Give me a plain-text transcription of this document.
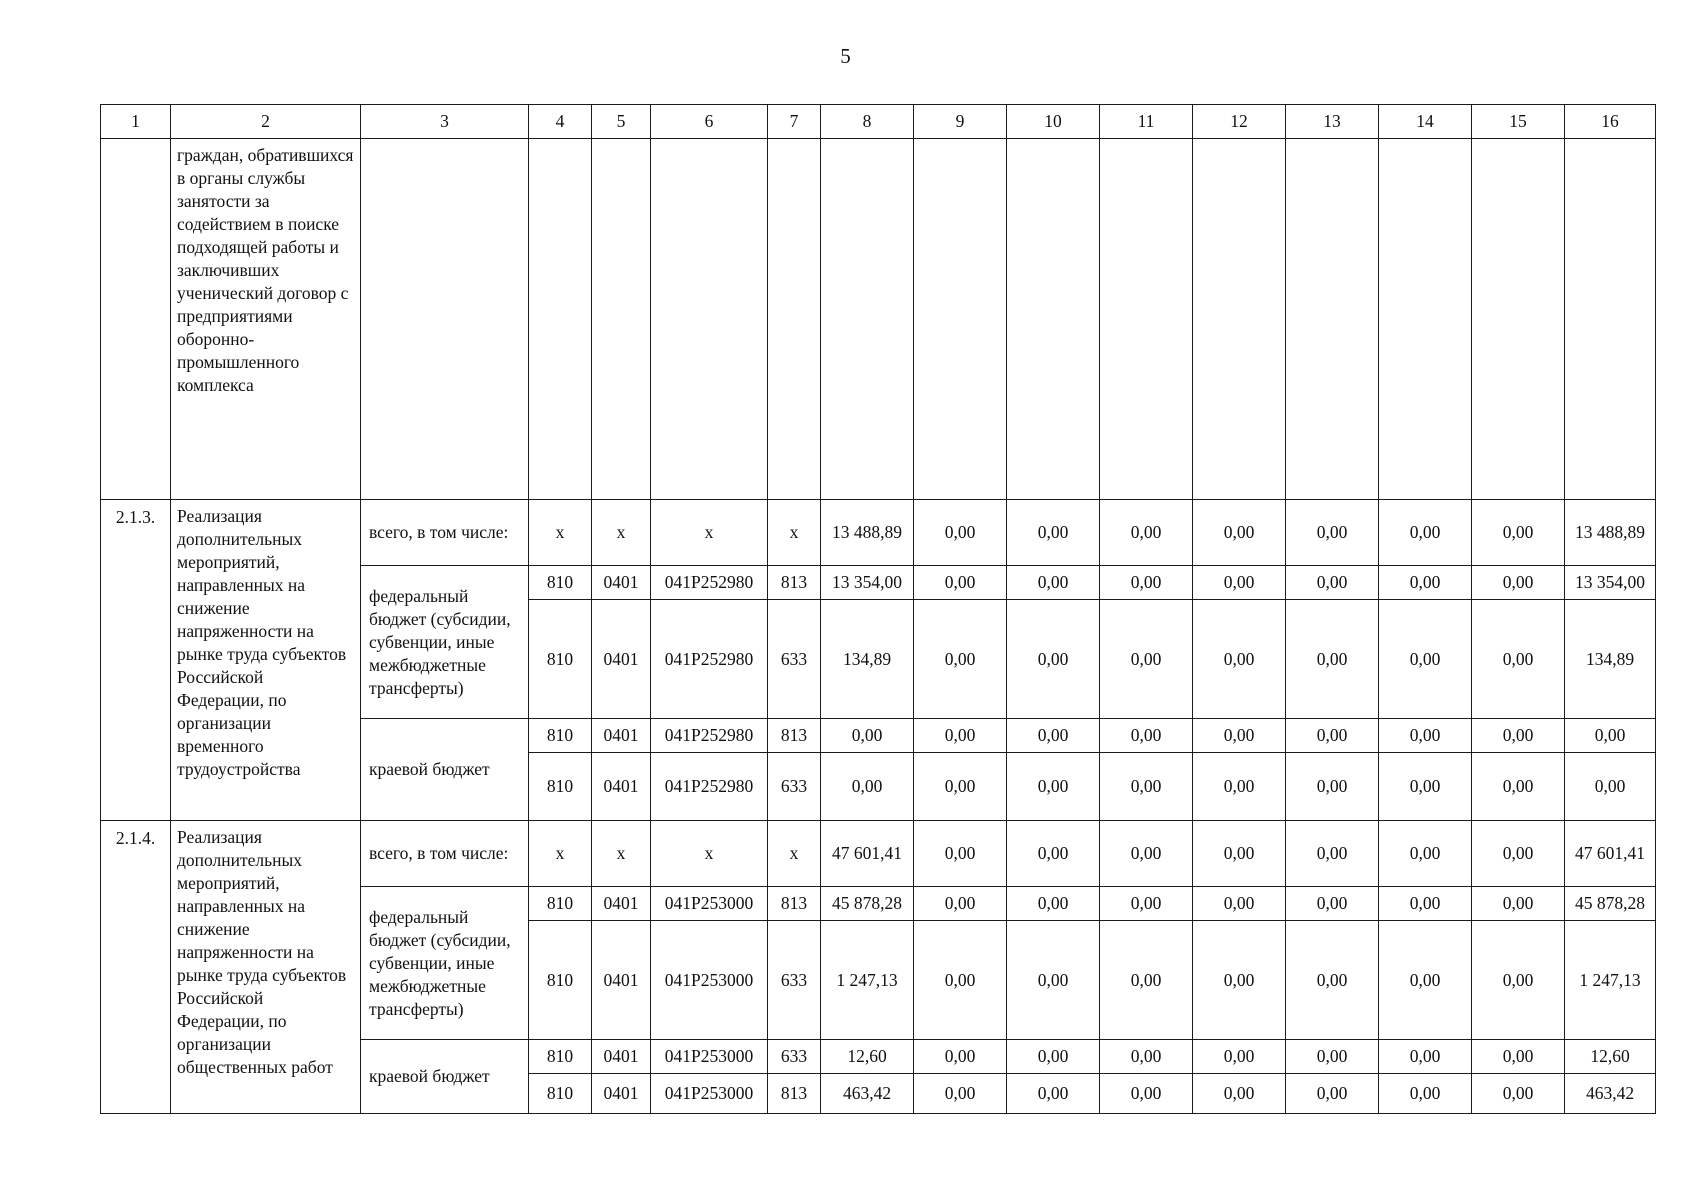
5
1	2	3	4	5	6	7	8	9	10	11	12	13	14	15	16
	граждан, обратившихся в органы службы занятости за содействием в поиске подходящей работы и заключивших ученический договор с предприятиями оборонно-промышленного комплекса														
2.1.3.	Реализация дополнительных мероприятий, направленных на снижение напряженности на рынке труда субъектов Российской Федерации, по организации временного трудоустройства	всего, в том числе:	x	x	x	x	13 488,89	0,00	0,00	0,00	0,00	0,00	0,00	0,00	13 488,89
		федеральный бюджет (субсидии, субвенции, иные межбюджетные трансферты)	810	0401	041P252980	813	13 354,00	0,00	0,00	0,00	0,00	0,00	0,00	0,00	13 354,00
			810	0401	041P252980	633	134,89	0,00	0,00	0,00	0,00	0,00	0,00	0,00	134,89
		краевой бюджет	810	0401	041P252980	813	0,00	0,00	0,00	0,00	0,00	0,00	0,00	0,00	0,00
			810	0401	041P252980	633	0,00	0,00	0,00	0,00	0,00	0,00	0,00	0,00	0,00
2.1.4.	Реализация дополнительных мероприятий, направленных на снижение напряженности на рынке труда субъектов Российской Федерации, по организации общественных работ	всего, в том числе:	x	x	x	x	47 601,41	0,00	0,00	0,00	0,00	0,00	0,00	0,00	47 601,41
		федеральный бюджет (субсидии, субвенции, иные межбюджетные трансферты)	810	0401	041P253000	813	45 878,28	0,00	0,00	0,00	0,00	0,00	0,00	0,00	45 878,28
			810	0401	041P253000	633	1 247,13	0,00	0,00	0,00	0,00	0,00	0,00	0,00	1 247,13
		краевой бюджет	810	0401	041P253000	633	12,60	0,00	0,00	0,00	0,00	0,00	0,00	0,00	12,60
			810	0401	041P253000	813	463,42	0,00	0,00	0,00	0,00	0,00	0,00	0,00	463,42
